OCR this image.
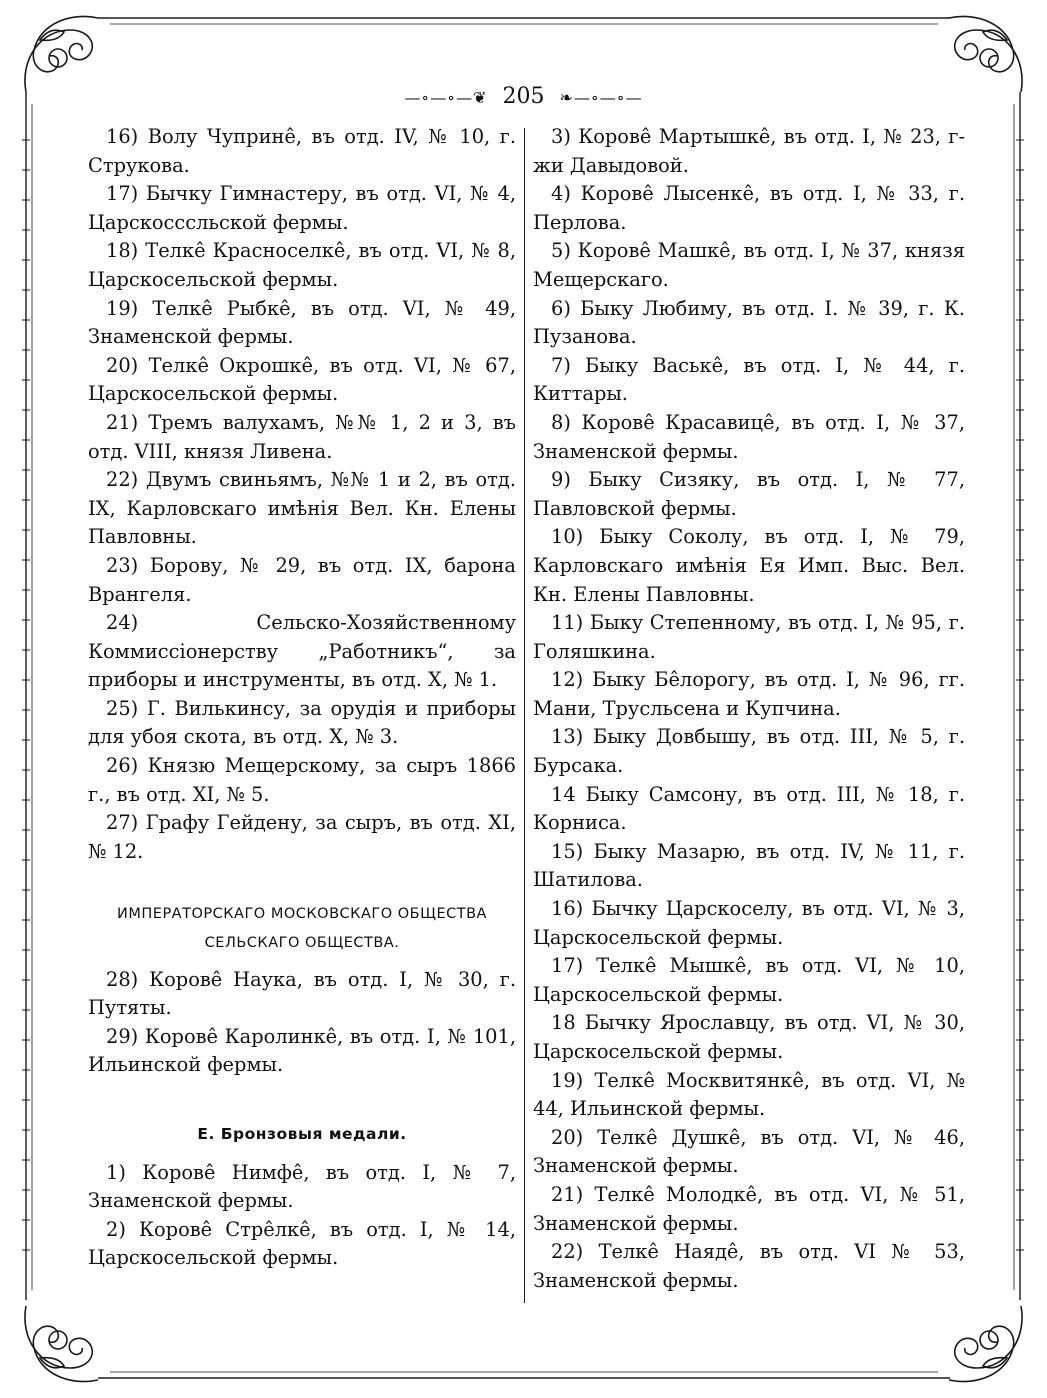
—∘—∘—❦ 205 ❧—∘—∘—

16) Волу Чуприне̂, въ отд. IV, № 10, г. Струкова.

17) Бычку Гимнастеру, въ отд. VI, № 4, Царскосссльской фермы.

18) Телке̂ Красноселке̂, въ отд. VI, № 8, Царскосельской фермы.

19) Телке̂ Рыбке̂, въ отд. VI, № 49, Знаменской фермы.

20) Телке̂ Окрошке̂, въ отд. VI, № 67, Царскосельской фермы.

21) Тремъ валухамъ, №№ 1, 2 и 3, въ отд. VIII, князя Ливена.

22) Двумъ свиньямъ, №№ 1 и 2, въ отд. IX, Карловскаго имѣнія Вел. Кн. Елены Павловны.

23) Борову, № 29, въ отд. IX, барона Врангеля.

24) Сельско-Хозяйственному Коммиссіонерству „Работникъ“, за приборы и инструменты, въ отд. X, № 1.

25) Г. Вилькинсу, за орудія и приборы для убоя скота, въ отд. X, № 3.

26) Князю Мещерскому, за сыръ 1866 г., въ отд. XI, № 5.

27) Графу Гейдену, за сыръ, въ отд. XI, № 12.

ИМПЕРАТОРСКАГО МОСКОВСКАГО ОБЩЕСТВА СЕЛЬСКАГО ОБЩЕСТВА.

28) Корове̂ Наука, въ отд. I, № 30, г. Путяты.

29) Корове̂ Каролинке̂, въ отд. I, № 101, Ильинской фермы.

Е. Бронзовыя медали.

1) Корове̂ Нимфе̂, въ отд. I, № 7, Знаменской фермы.

2) Корове̂ Стре̂лке̂, въ отд. I, № 14, Царскосельской фермы.

3) Корове̂ Мартышке̂, въ отд. I, № 23, г-жи Давыдовой.

4) Корове̂ Лысенке̂, въ отд. I, № 33, г. Перлова.

5) Корове̂ Машке̂, въ отд. I, № 37, князя Мещерскаго.

6) Быку Любиму, въ отд. I. № 39, г. К. Пузанова.

7) Быку Ваське̂, въ отд. I, № 44, г. Киттары.

8) Корове̂ Красавице̂, въ отд. I, № 37, Знаменской фермы.

9) Быку Сизяку, въ отд. I, № 77, Павловской фермы.

10) Быку Соколу, въ отд. I, № 79, Карловскаго имѣнія Ея Имп. Выс. Вел. Кн. Елены Павловны.

11) Быку Степенному, въ отд. I, № 95, г. Голяшкина.

12) Быку Бе̂лорогу, въ отд. I, № 96, гг. Мани, Трусльсена и Купчина.

13) Быку Довбышу, въ отд. III, № 5, г. Бурсака.

14 Быку Самсону, въ отд. III, № 18, г. Корниса.

15) Быку Мазарю, въ отд. IV, № 11, г. Шатилова.

16) Бычку Царскоселу, въ отд. VI, № 3, Царскосельской фермы.

17) Телке̂ Мышке̂, въ отд. VI, № 10, Царскосельской фермы.

18 Бычку Ярославцу, въ отд. VI, № 30, Царскосельской фермы.

19) Телке̂ Москвитянке̂, въ отд. VI, № 44, Ильинской фермы.

20) Телке̂ Душке̂, въ отд. VI, № 46, Знаменской фермы.

21) Телке̂ Молодке̂, въ отд. VI, № 51, Знаменской фермы.

22) Телке̂ Наяде̂, въ отд. VI № 53, Знаменской фермы.
